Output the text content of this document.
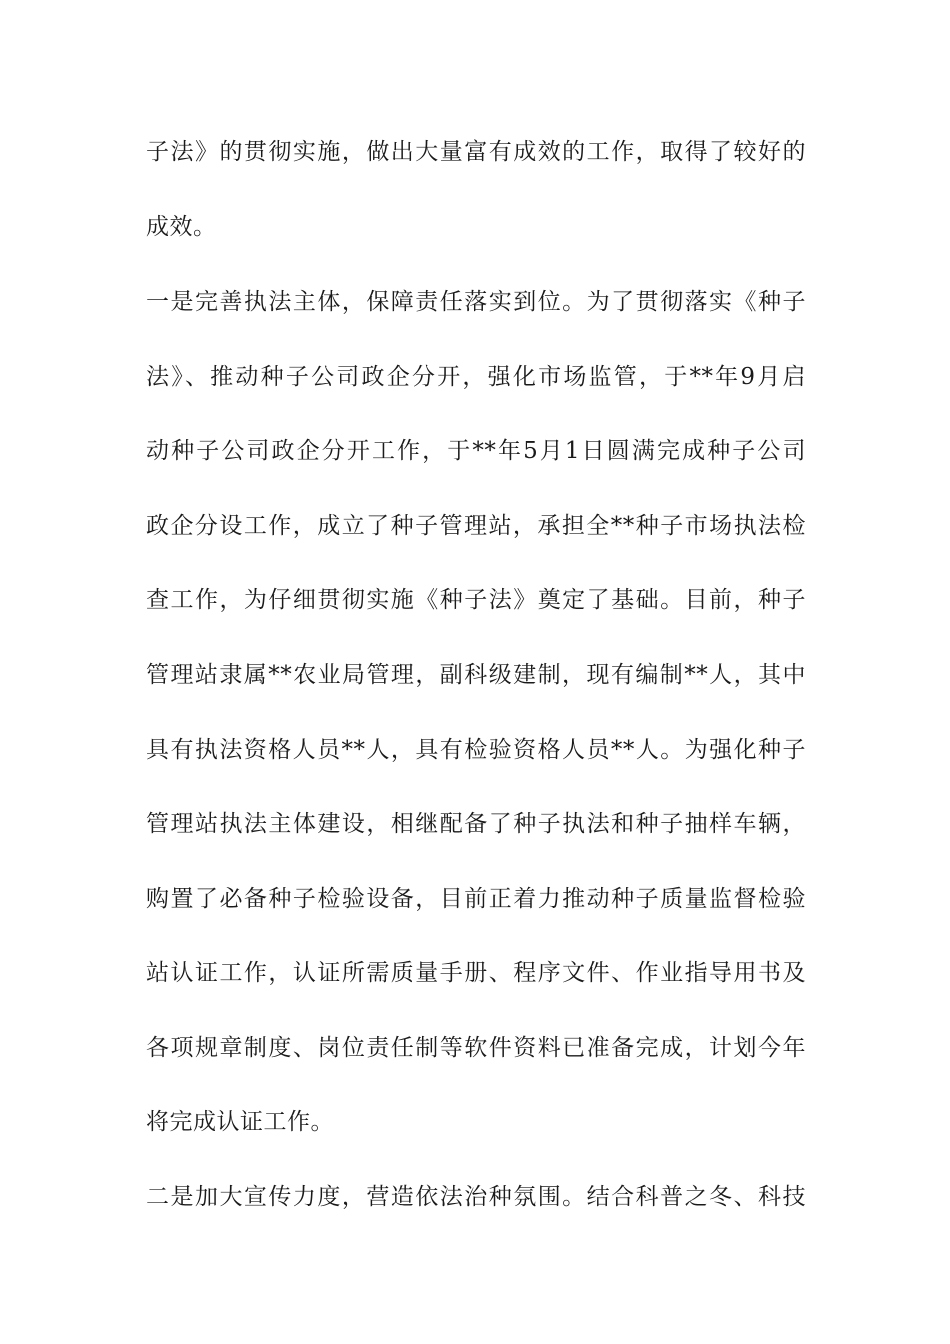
子法》的贯彻实施，做出大量富有成效的工作，取得了较好的
成效。
一是完善执法主体，保障责任落实到位。为了贯彻落实《种子
法》、推动种子公司政企分开，强化市场监管，于**年9月启
动种子公司政企分开工作，于**年5月1日圆满完成种子公司
政企分设工作，成立了种子管理站，承担全**种子市场执法检
查工作，为仔细贯彻实施《种子法》奠定了基础。目前，种子
管理站隶属**农业局管理，副科级建制，现有编制**人，其中
具有执法资格人员**人，具有检验资格人员**人。为强化种子
管理站执法主体建设，相继配备了种子执法和种子抽样车辆，
购置了必备种子检验设备，目前正着力推动种子质量监督检验
站认证工作，认证所需质量手册、程序文件、作业指导用书及
各项规章制度、岗位责任制等软件资料已准备完成，计划今年
将完成认证工作。
二是加大宣传力度，营造依法治种氛围。结合科普之冬、科技
